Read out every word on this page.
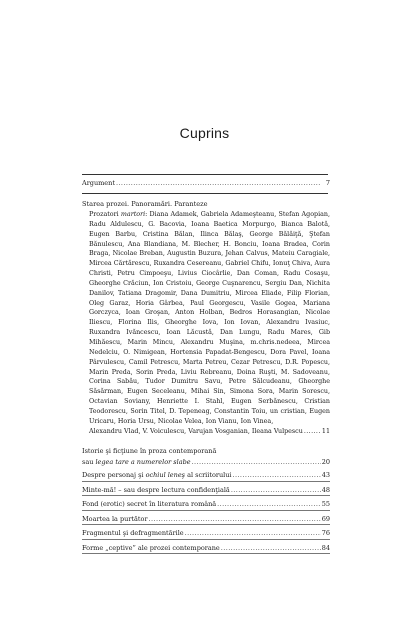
Cuprins
Argument .....	7
Starea prozei. Panoramări. Paranteze
Prozatori martori: Diana Adamek, Gabriela Adameşteanu, Stefan Agopian, Radu Aldulescu, G. Bacovia, Ioana Baetica Morpurgo, Bianca Balotă, Eugen Barbu, Cristina Bălan, Ilinca Bălaş, George Bălăiţă, Ştefan Bănulescu, Ana Blandiana, M. Blecher, H. Bonciu, Ioana Bradea, Corin Braga, Nicolae Breban, Augustin Buzura, Jehan Calvus, Mateiu Caragiale, Mircea Cărtărescu, Ruxandra Cesereanu, Gabriel Chifu, Ionuţ Chiva, Aura Christi, Petru Cimpoeşu, Livius Ciocârlie, Dan Coman, Radu Cosaşu, Gheorghe Crăciun, Ion Cristoiu, George Cuşnarencu, Sergiu Dan, Nichita Danilov, Tatiana Dragomir, Dana Dumitriu, Mircea Eliade, Filip Florian, Oleg Garaz, Horia Gârbea, Paul Georgescu, Vasile Gogea, Mariana Gorczyca, Ioan Groşan, Anton Holban, Bedros Horasangian, Nicolae Iliescu, Florina Ilis, Gheorghe Iova, Ion Iovan, Alexandru Ivasiuc, Ruxandra Ivăncescu, Ioan Lăcustă, Dan Lungu, Radu Mares, Gib Mihăescu, Marin Mincu, Alexandru Muşina, m.chris.nedeea, Mircea Nedelciu, O. Nimigean, Hortensia Papadat-Bengescu, Dora Pavel, Ioana Pârvulescu, Camil Petrescu, Marta Petreu, Cezar Petrescu, D.R. Popescu, Marin Preda, Sorin Preda, Liviu Rebreanu, Doina Ruşti, M. Sadoveanu, Corina Sabău, Tudor Dumitru Savu, Petre Sălcudeanu, Gheorghe Săsărman, Eugen Seceleanu, Mihai Sin, Simona Sora, Marin Sorescu, Octavian Soviany, Henriette I. Stahl, Eugen Serbănescu, Cristian Teodorescu, Sorin Titel, D. Tepeneag, Constantin Toiu, un cristian, Eugen Uricaru, Horia Ursu, Nicolae Velea, Ion Vianu, Ion Vinea,
Alexandru Vlad, V. Voiculescu, Varujan Vosganian, Ileana Vulpescu .....	11
Istorie şi ficţiune în proza contemporană
sau legea tare a numerelor slabe .....	20
Despre personaj şi ochiul leneş al scriitorului .....	43
Minte-mă! – sau despre lectura confidenţială .....	48
Fond (erotic) secret în literatura română .....	55
Moartea la purtător .....	69
Fragmentul şi defragmentările .....	76
Forme „ceptive” ale prozei contemporane .....	84
